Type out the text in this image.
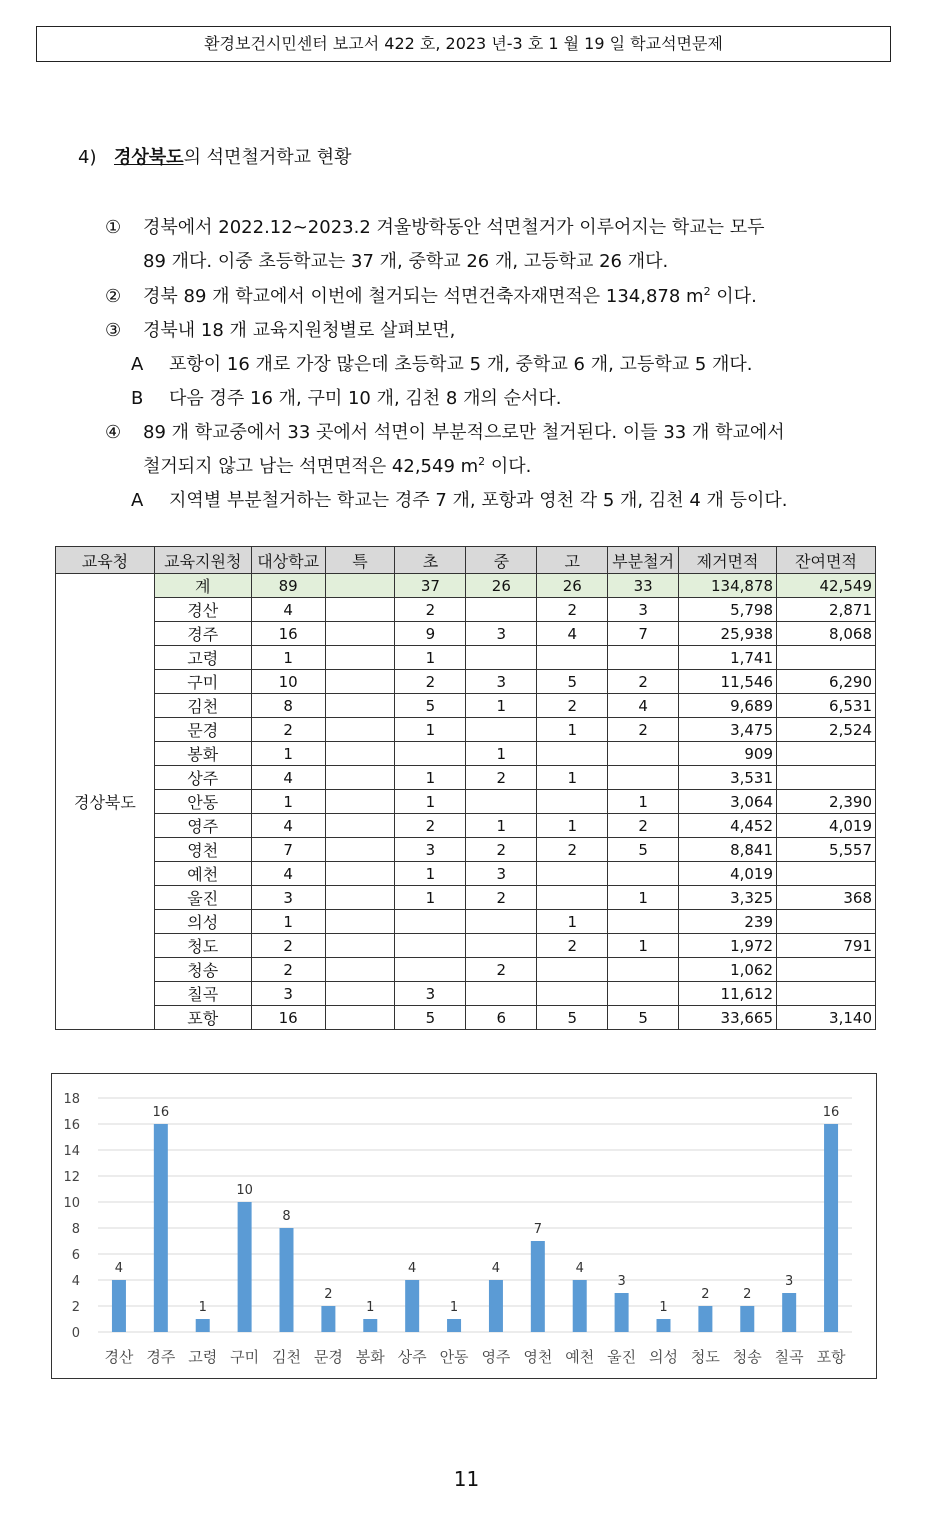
환경보건시민센터 보고서 422 호, 2023 년-3 호 1 월 19 일 학교석면문제
4) 경상북도의 석면철거학교 현황
① 경북에서 2022.12~2023.2 겨울방학동안 석면철거가 이루어지는 학교는 모두
89 개다. 이중 초등학교는 37 개, 중학교 26 개, 고등학교 26 개다.
② 경북 89 개 학교에서 이번에 철거되는 석면건축자재면적은 134,878 $m^2$ 이다.
③ 경북내 18 개 교육지원청별로 살펴보면,
A 포항이 16 개로 가장 많은데 초등학교 5 개, 중학교 6 개, 고등학교 5 개다.
B 다음 경주 16 개, 구미 10 개, 김천 8 개의 순서다.
④ 89 개 학교중에서 33 곳에서 석면이 부분적으로만 철거된다. 이들 33 개 학교에서
철거되지 않고 남는 석면면적은 42,549 $m^2$ 이다.
A 지역별 부분철거하는 학교는 경주 7 개, 포항과 영천 각 5 개, 김천 4 개 등이다.
교육청	교육지원청	대상학교	특	초	중	고	부분철거	제거면적	잔여면적
경상북도	계	89		37	26	26	33	134,878	42,549
	경산	4		2		2	3	5,798	2,871
	경주	16		9	3	4	7	25,938	8,068
	고령	1		1				1,741	
	구미	10		2	3	5	2	11,546	6,290
	김천	8		5	1	2	4	9,689	6,531
	문경	2		1		1	2	3,475	2,524
	봉화	1			1			909	
	상주	4		1	2	1		3,531	
	안동	1		1			1	3,064	2,390
	영주	4		2	1	1	2	4,452	4,019
	영천	7		3	2	2	5	8,841	5,557
	예천	4		1	3			4,019	
	울진	3		1	2		1	3,325	368
	의성	1				1		239	
	청도	2				2	1	1,972	791
	청송	2			2			1,062	
	칠곡	3		3				11,612	
	포항	16		5	6	5	5	33,665	3,140
0
2
4
6
8
10
12
14
16
18
4
경산
16
경주
1
고령
10
구미
8
김천
2
문경
1
봉화
4
상주
1
안동
4
영주
7
영천
4
예천
3
울진
1
의성
2
청도
2
청송
3
칠곡
16
포항
11
